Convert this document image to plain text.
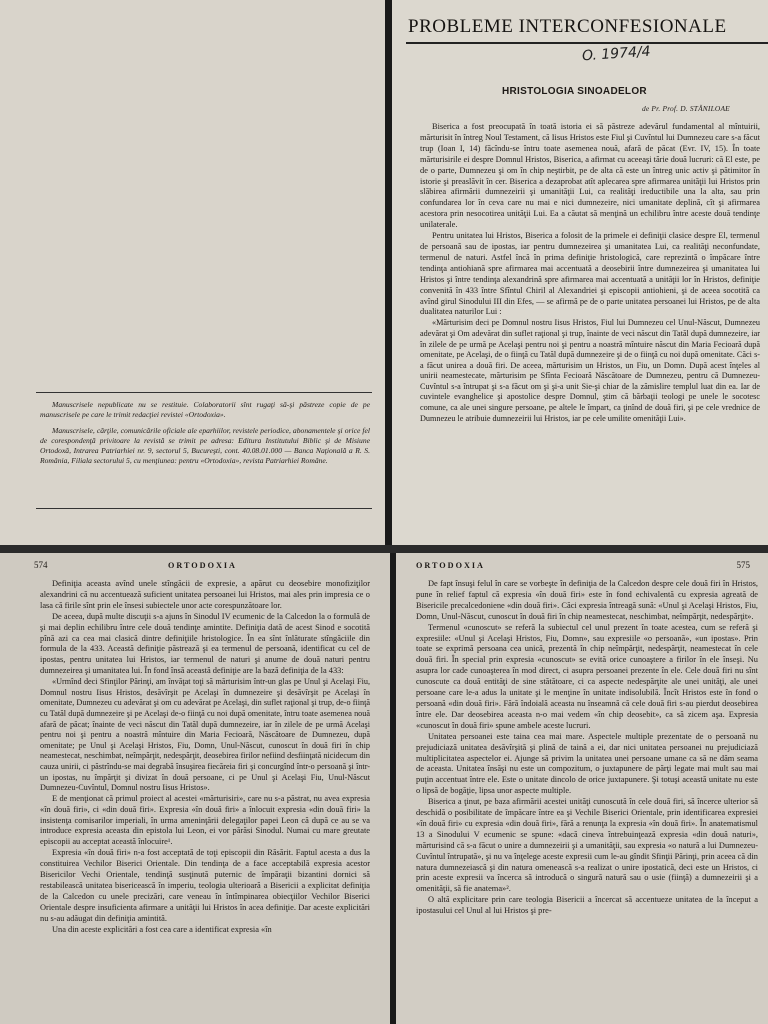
Manuscrisele nepublicate nu se restituie. Colaboratorii sînt rugaţi să-şi păstreze copie de pe manuscrisele pe care le trimit redacţiei revistei «Ortodoxia».

Manuscrisele, cărţile, comunicările oficiale ale eparhiilor, revistele periodice, abonamentele şi orice fel de corespondenţă privitoare la revistă se trimit pe adresa: Editura Institutului Biblic şi de Misiune Ortodoxă, Intrarea Patriarhiei nr. 9, sectorul 5, Bucureşti, cont. 40.08.01.000 — Banca Naţională a R. S. România, Filiala sectorului 5, cu menţiunea: pentru «Ortodoxia», revista Patriarhiei Române.

PROBLEME INTERCONFESIONALE
O. 1974/4
HRISTOLOGIA SINOADELOR
de Pr. Prof. D. STĂNILOAE

Biserica a fost preocupată în toată istoria ei să păstreze adevărul fundamental al mîntuirii, mărturisit în întreg Noul Testament, că Iisus Hristos este Fiul şi Cuvîntul lui Dumnezeu care s-a făcut trup (Ioan I, 14) făcîndu-se întru toate asemenea nouă, afară de păcat (Evr. IV, 15). În toate mărturisirile ei despre Domnul Hristos, Biserica, a afirmat cu aceeaşi tărie două lucruri: că El este, pe de o parte, Dumnezeu şi om în chip neştirbit, pe de alta că este un întreg unic activ şi pătimitor în istorie şi preaslăvit în cer. Biserica a dezaprobat atît aplecarea spre afirmarea unităţii lui Hristos prin slăbirea afirmării dumnezeirii şi umanităţii Lui, ca realităţi ireductibile una la alta, sau prin confundarea lor în ceva care nu mai e nici dumnezeire, nici umanitate deplină, cît şi afirmarea acestora prin nesocotirea unităţii Lui. Ea a căutat să menţină un echilibru între aceste două tendinţe unilaterale.

Pentru unitatea lui Hristos, Biserica a folosit de la primele ei definiţii clasice despre El, termenul de persoană sau de ipostas, iar pentru dumnezeirea şi umanitatea Lui, ca realităţi neconfundate, termenul de naturi. Astfel încă în prima definiţie hristologică, care reprezintă o împăcare între tendinţa antiohiană spre afirmarea mai accentuată a deosebirii între dumnezeirea şi umanitatea lui Hristos şi între tendinţa alexandrină spre afirmarea mai accentuată a unităţii lor în Hristos, definiţie convenită în 433 între Sfîntul Chiril al Alexandriei şi episcopii antiohieni, şi de aceea socotită ca avînd girul Sinodului III din Efes, — se afirmă pe de o parte unitatea persoanei lui Hristos, pe de alta dualitatea naturilor Lui :

«Mărturisim deci pe Domnul nostru Iisus Hristos, Fiul lui Dumnezeu cel Unul-Născut, Dumnezeu adevărat şi Om adevărat din suflet raţional şi trup, înainte de veci născut din Tatăl după dumnezeire, iar în zilele de pe urmă pe Acelaşi pentru noi şi pentru a noastră mîntuire născut din Maria Fecioară după omenitate, pe Acelaşi, de o fiinţă cu Tatăl după dumnezeire şi de o fiinţă cu noi după omenitate. Căci s-a făcut unirea a două firi. De aceea, mărturisim un Hristos, un Fiu, un Domn. După acest înţeles al unirii neamestecate, mărturisim pe Sfînta Fecioară Născătoare de Dumnezeu, pentru că Dumnezeu-Cuvîntul s-a întrupat şi s-a făcut om şi şi-a unit Sie-şi chiar de la zămislire templul luat din ea. Iar de cuvintele evanghelice şi apostolice despre Domnul, ştim că bărbaţii teologi pe unele le socotesc comune, ca ale unei singure persoane, pe altele le împart, ca ţinînd de două firi, şi pe cele vrednice de Dumnezeu le atribuie dumnezeirii lui Hristos, iar pe cele umilite omenităţii Lui».

574	ORTODOXIA

Definiţia aceasta avînd unele stîngăcii de expresie, a apărut cu deosebire monofiziţilor alexandrini că nu accentuează suficient unitatea persoanei lui Hristos, mai ales prin impresia ce o lasa că firile sînt prin ele însesi subiectele unor acte corespunzătoare lor.

De aceea, după multe discuţii s-a ajuns în Sinodul IV ecumenic de la Calcedon la o formulă de şi mai deplin echilibru între cele două tendinţe amintite. Definiţia dată de acest Sinod e socotită pînă azi ca cea mai clasică dintre definiţiile hristologice. În ea sînt înlăturate stîngăciile din formula de la 433. Această definiţie păstrează şi ea termenul de persoană, identificat cu cel de ipostas, pentru unitatea lui Hristos, iar termenul de naturi şi anume de două naturi pentru dumnezeirea şi umanitatea lui. În fond însă această definiţie are la bază definiţia de la 433:

«Urmînd deci Sfinţilor Părinţi, am învăţat toţi să mărturisim într-un glas pe Unul şi Acelaşi Fiu, Domnul nostru Iisus Hristos, desăvîrşit pe Acelaşi în dumnezeire şi desăvîrşit pe Acelaşi în omenitate, Dumnezeu cu adevărat şi om cu adevărat pe Acelaşi, din suflet raţional şi trup, de-o fiinţă cu Tatăl după dumnezeire şi pe Acelaşi de-o fiinţă cu noi după omenitate, întru toate asemenea nouă afară de păcat; înainte de veci născut din Tatăl după dumnezeire, iar în zilele de pe urmă Acelaşi pentru noi şi pentru a noastră mîntuire din Maria Fecioară, Născătoare de Dumnezeu, după omenitate; pe Unul şi Acelaşi Hristos, Fiu, Domn, Unul-Născut, cunoscut în două firi în chip neamestecat, neschimbat, neîmpărţit, nedespărţit, deosebirea firilor nefiind desfiinţată nicidecum din cauza unirii, ci păstrîndu-se mai degrabă însuşirea fiecăreia firi şi concurgînd într-o persoană şi într-un ipostas, nu împărţit şi divizat în două persoane, ci pe Unul şi Acelaşi Fiu, Unul-Născut Dumnezeu-Cuvîntul, Domnul nostru Iisus Hristos».

E de menţionat că primul proiect al acestei «mărturisiri», care nu s-a păstrat, nu avea expresia «în două firi», ci «din două firi». Expresia «în două firi» a înlocuit expresia «din două firi» la insistenţa comisarilor imperiali, în urma ameninţării delegaţilor papei Leon că după ce au se va introduce expresia aceasta din epistola lui Leon, ei vor părăsi Sinodul. Numai cu mare greutate episcopii au acceptat această înlocuire¹.

Expresia «în două firi» n-a fost acceptată de toţi episcopii din Răsărit. Faptul acesta a dus la constituirea Vechilor Biserici Orientale. Din tendinţa de a face acceptabilă expresia acestor Bisericilor Vechi Orientale, tendinţă susţinută puternic de împăraţii bizantini dornici să restabilească unitatea bisericească în imperiu, teologia ulterioară a Bisericii a explicitat definiţia de la Calcedon cu unele precizări, care veneau în întîmpinarea obiecţiilor Vechilor Biserici Orientale despre insuficienta afirmare a unităţii lui Hristos în acea definiţie. Dar aceste explicitări nu s-au adăugat din definiţia amintită.

Una din aceste explicitări a fost cea care a identificat expresia «în

ORTODOXIA	575

De fapt însuşi felul în care se vorbeşte în definiţia de la Calcedon despre cele două firi în Hristos, pune în relief faptul că expresia «în două firi» este în fond echivalentă cu expresia agreată de Bisericile precalcedoniene «din două firi». Căci expresia întreagă sună: «Unul şi Acelaşi Hristos, Fiu, Domn, Unul-Născut, cunoscut în două firi în chip neamestecat, neschimbat, neîmpărţit, nedespărţit».

Termenul «cunoscut» se referă la subiectul cel unul prezent în toate acestea, cum se referă şi expresiile: «Unul şi Acelaşi Hristos, Fiu, Domn», sau expresiile «o persoană», «un ipostas». Prin toate se exprimă persoana cea unică, prezentă în chip neîmpărţit, nedespărţit, neamestecat în cele două firi. În special prin expresia «cunoscut» se evită orice cunoaştere a firilor în ele înseşi. Nu asupra lor cade cunoaşterea în mod direct, ci asupra persoanei prezente în ele. Cele două firi nu sînt cunoscute ca două entităţi de sine stătătoare, ci ca aspecte nedespărţite ale unei unităţi, ale unei persoane care le-a adus la unitate şi le menţine în unitate indisolubilă. Încît Hristos este în fond o persoană «din două firi». Fără îndoială aceasta nu înseamnă că cele două firi s-au pierdut deosebirea între ele. Dar deosebirea aceasta n-o mai vedem «în chip deosebit», ca să zicem aşa. Expresia «cunoscut în două firi» spune ambele aceste lucruri.

Unitatea persoanei este taina cea mai mare. Aspectele multiple prezentate de o persoană nu prejudiciază unitatea desăvîrşită şi plină de taină a ei, dar nici unitatea persoanei nu prejudiciază multiplicitatea aspectelor ei. Ajunge să privim la unitatea unei persoane umane ca să ne dăm seama de aceasta. Unitatea însăşi nu este un compozitum, o juxtapunere de părţi legate mai mult sau mai puţin accentuat între ele. Este o unitate dincolo de orice juxtapunere. Şi totuşi această unitate nu este o lipsă de bogăţie, lipsa unor aspecte multiple.

Biserica a ţinut, pe baza afirmării acestei unităţi cunoscută în cele două firi, să încerce ulterior să deschidă o posibilitate de împăcare între ea şi Vechile Biserici Orientale, prin identificarea expresiei «în două firi» cu expresia «din două firi», fără a renunţa la expresia «în două firi». În anatematismul 13 a Sinodului V ecumenic se spune: «dacă cineva întrebuinţează expresia «din două naturi», mărturisind că s-a făcut o unire a dumnezeirii şi a umanităţii, sau expresia «o natură a lui Dumnezeu-Cuvîntul întrupată», şi nu va înţelege aceste expresii cum le-au gîndit Sfinţii Părinţi, prin aceea că din natura dumnezeiască şi din natura omenească s-a realizat o unire ipostatică, deci este un Hristos, ci prin aceste expresii va încerca să introducă o singură natură sau o usie (fiinţă) a dumnezeirii şi a omenităţii, să fie anatema»².

O altă explicitare prin care teologia Bisericii a încercat să accentueze unitatea de la început a ipostasului cel Unul al lui Hristos şi pre-
